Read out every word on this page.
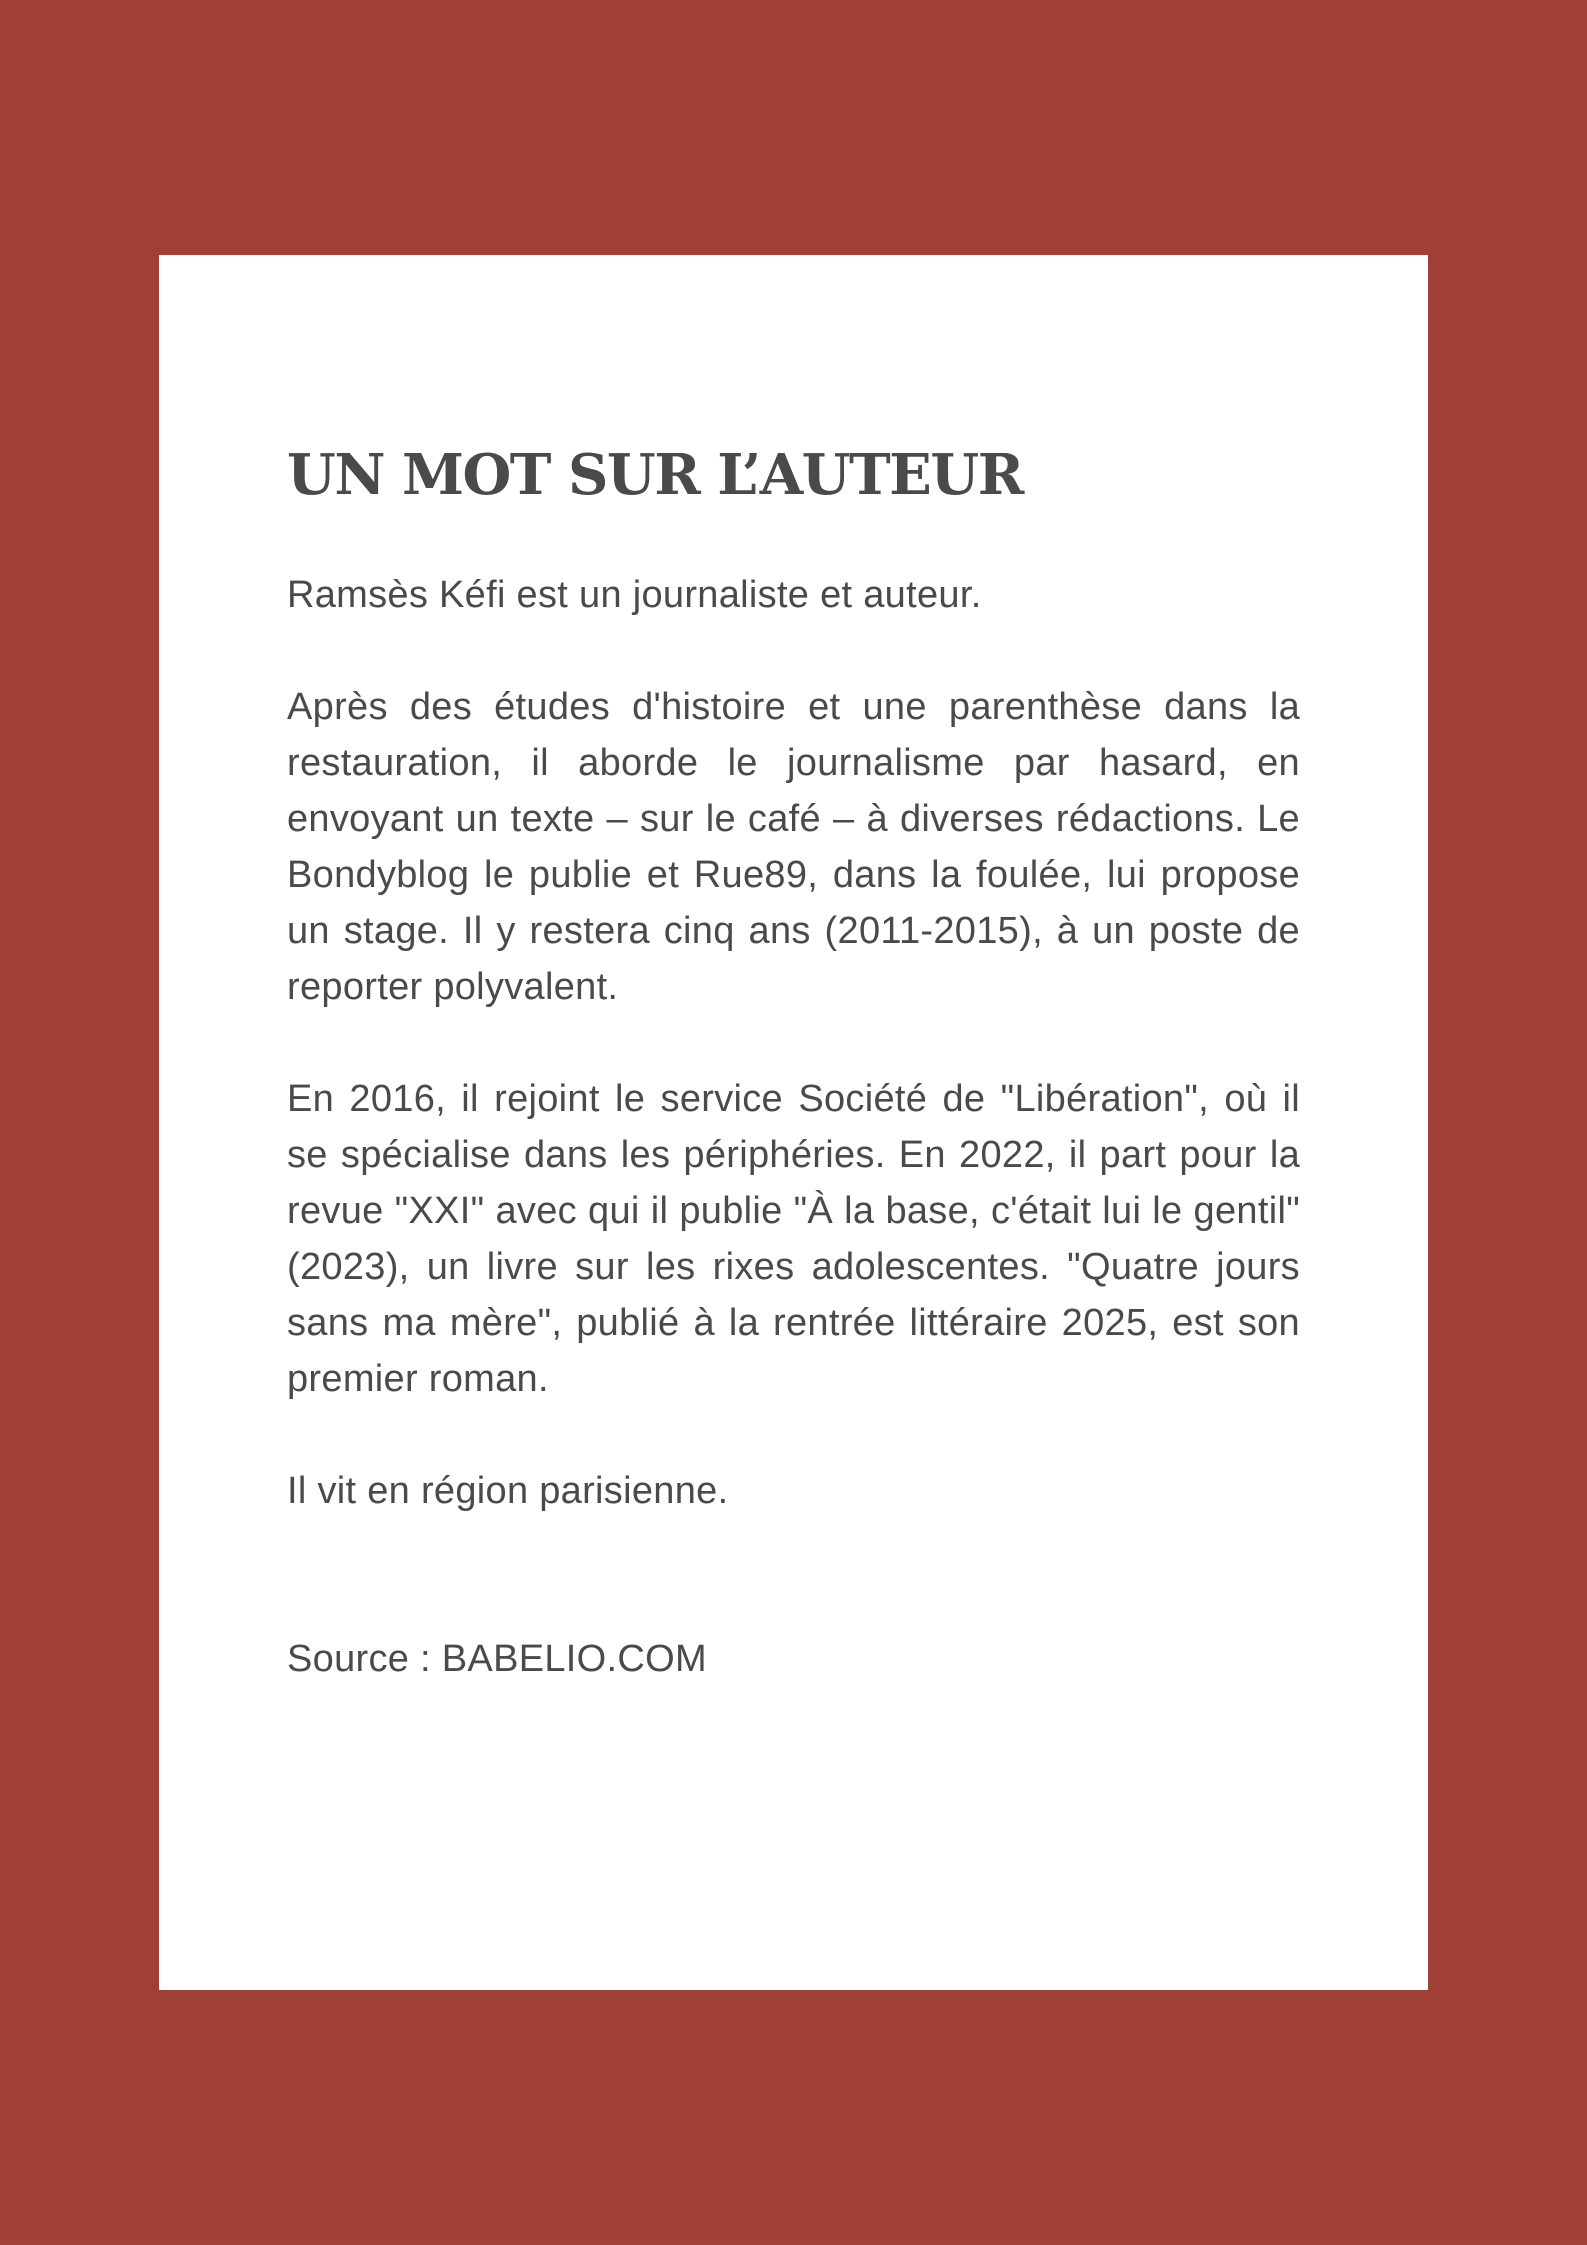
UN MOT SUR L’AUTEUR

Ramsès Kéfi est un journaliste et auteur.

Après des études d'histoire et une parenthèse dans la restauration, il aborde le journalisme par hasard, en envoyant un texte – sur le café – à diverses rédactions. Le Bondyblog le publie et Rue89, dans la foulée, lui propose un stage. Il y restera cinq ans (2011-2015), à un poste de reporter polyvalent.

En 2016, il rejoint le service Société de "Libération", où il se spécialise dans les périphéries. En 2022, il part pour la revue "XXI" avec qui il publie "À la base, c'était lui le gentil" (2023), un livre sur les rixes adolescentes. "Quatre jours sans ma mère", publié à la rentrée littéraire 2025, est son premier roman.

Il vit en région parisienne.

Source : BABELIO.COM
